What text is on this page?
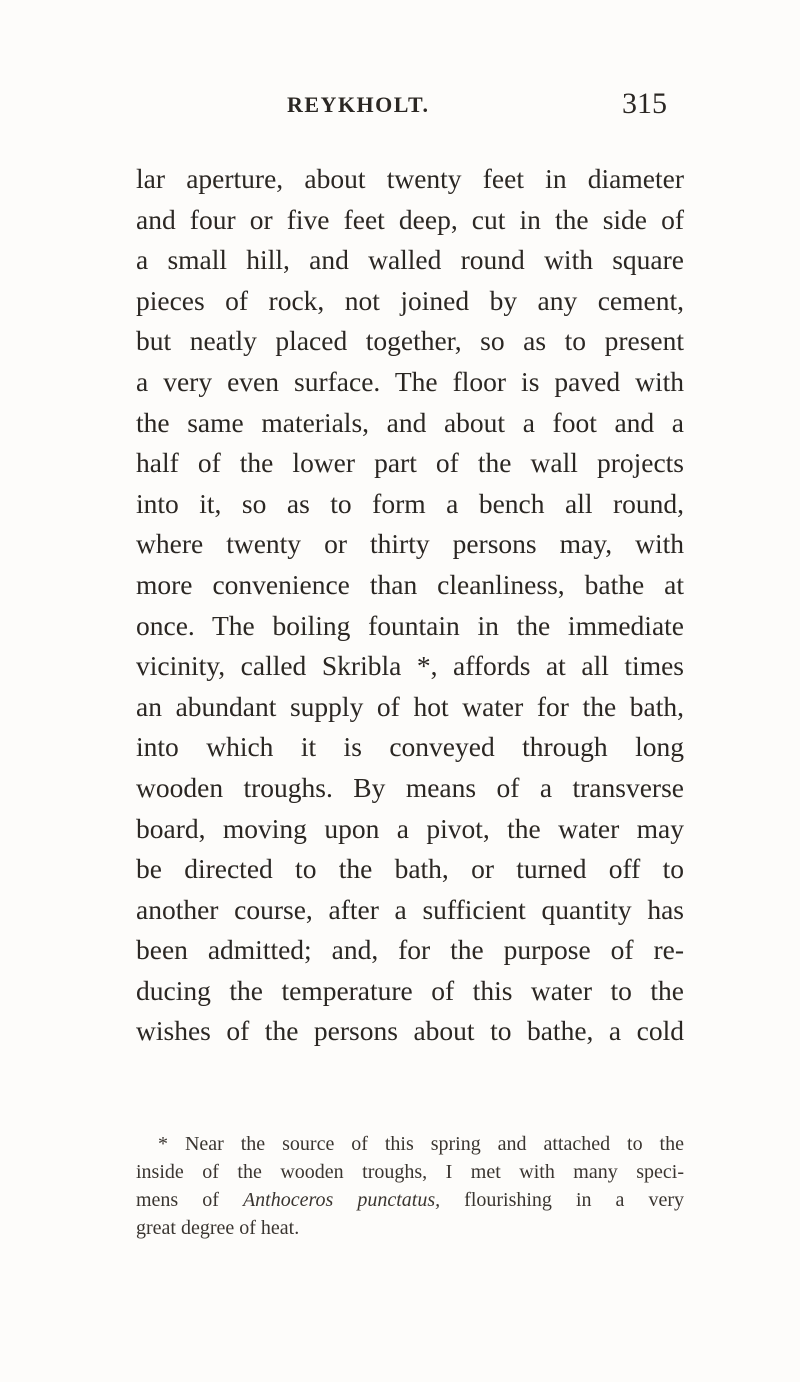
REYKHOLT.	315
lar aperture, about twenty feet in diameter
and four or five feet deep, cut in the side of
a small hill, and walled round with square
pieces of rock, not joined by any cement,
but neatly placed together, so as to present
a very even surface. The floor is paved with
the same materials, and about a foot and a
half of the lower part of the wall projects
into it, so as to form a bench all round,
where twenty or thirty persons may, with
more convenience than cleanliness, bathe at
once. The boiling fountain in the immediate
vicinity, called Skribla *, affords at all times
an abundant supply of hot water for the bath,
into which it is conveyed through long
wooden troughs. By means of a transverse
board, moving upon a pivot, the water may
be directed to the bath, or turned off to
another course, after a sufficient quantity has
been admitted; and, for the purpose of re-
ducing the temperature of this water to the
wishes of the persons about to bathe, a cold
* Near the source of this spring and attached to the
inside of the wooden troughs, I met with many speci-
mens of Anthoceros punctatus, flourishing in a very
great degree of heat.
